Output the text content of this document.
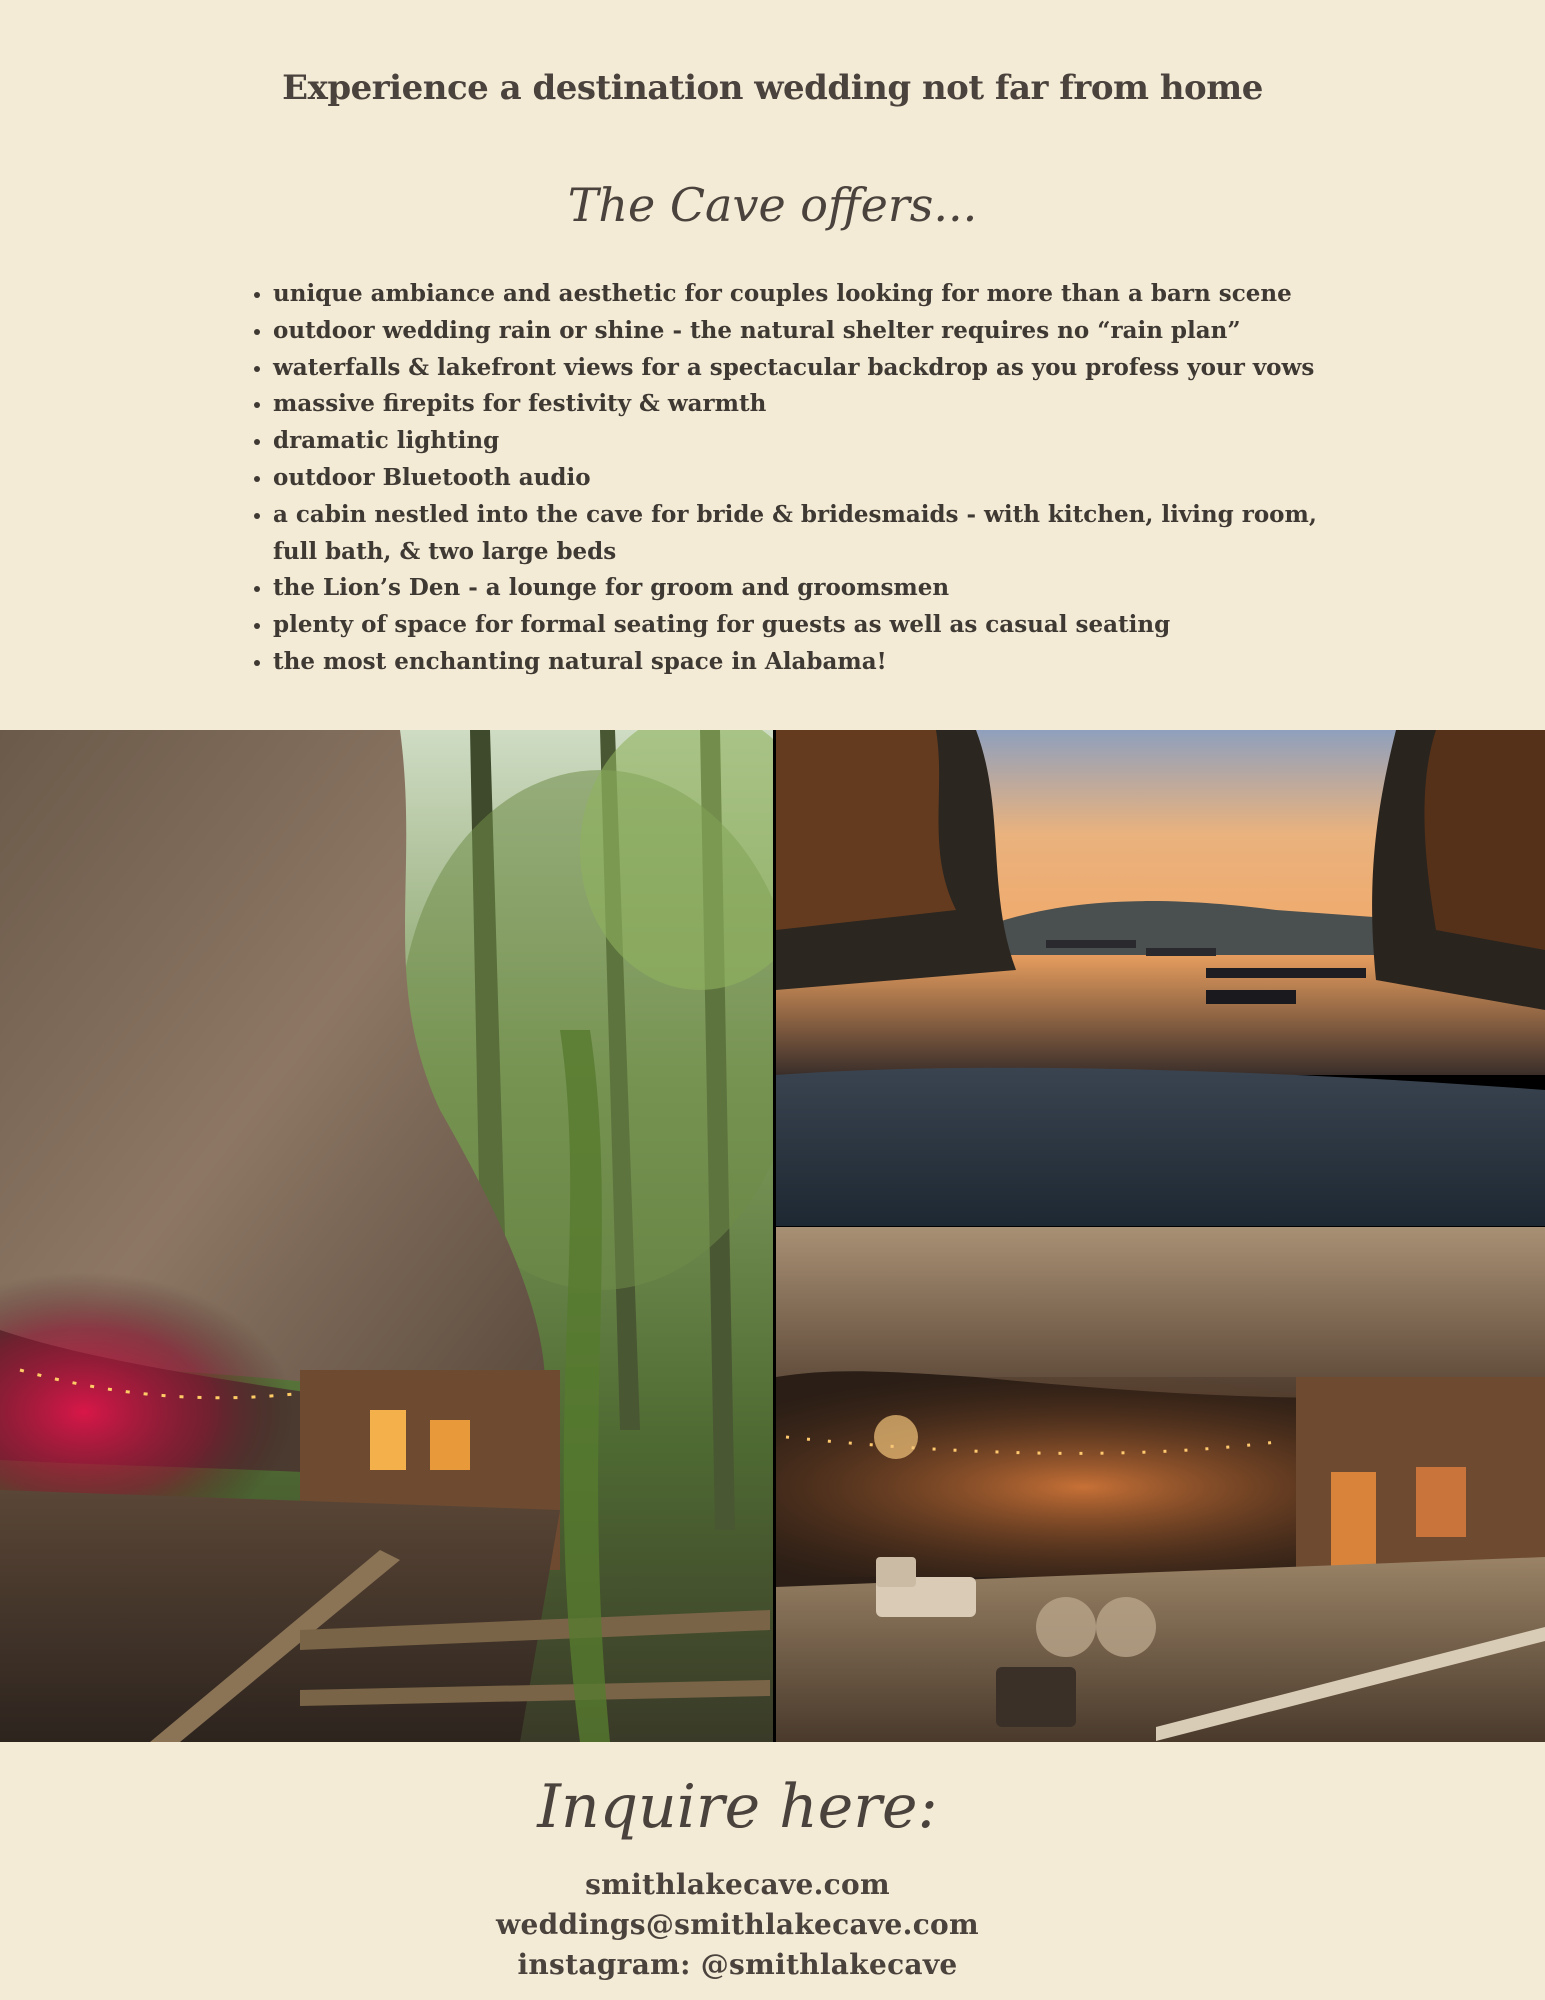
Experience a destination wedding not far from home
The Cave offers...
• unique ambiance and aesthetic for couples looking for more than a barn scene
• outdoor wedding rain or shine - the natural shelter requires no “rain plan”
• waterfalls & lakefront views for a spectacular backdrop as you profess your vows
• massive firepits for festivity & warmth
• dramatic lighting
• outdoor Bluetooth audio
• a cabin nestled into the cave for bride & bridesmaids - with kitchen, living room, full bath, & two large beds
• the Lion’s Den - a lounge for groom and groomsmen
• plenty of space for formal seating for guests as well as casual seating
• the most enchanting natural space in Alabama!
Inquire here:
smithlakecave.com
weddings@smithlakecave.com
instagram: @smithlakecave
